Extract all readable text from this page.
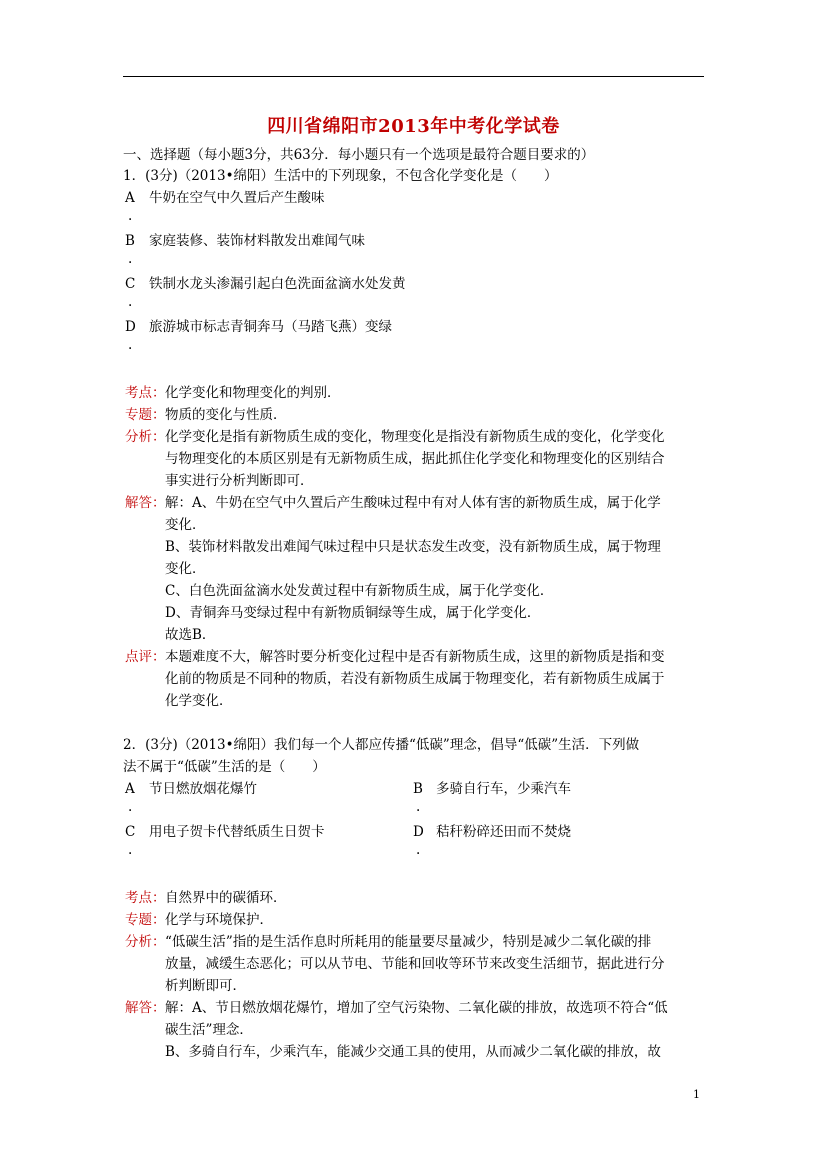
四川省绵阳市2013年中考化学试卷
一、选择题（每小题3分，共63分．每小题只有一个选项是最符合题目要求的）
1．(3分)（2013•绵阳）生活中的下列现象，不包含化学变化是（　　）
A 牛奶在空气中久置后产生酸味
.
B 家庭装修、装饰材料散发出难闻气味
.
C 铁制水龙头渗漏引起白色洗面盆滴水处发黄
.
D 旅游城市标志青铜奔马（马踏飞燕）变绿
.
考点： 化学变化和物理变化的判别．
专题： 物质的变化与性质．
分析： 化学变化是指有新物质生成的变化，物理变化是指没有新物质生成的变化，化学变化
与物理变化的本质区别是有无新物质生成，据此抓住化学变化和物理变化的区别结合
事实进行分析判断即可．
解答： 解：A、牛奶在空气中久置后产生酸味过程中有对人体有害的新物质生成，属于化学
变化．
B、装饰材料散发出难闻气味过程中只是状态发生改变，没有新物质生成，属于物理
变化．
C、白色洗面盆滴水处发黄过程中有新物质生成，属于化学变化．
D、青铜奔马变绿过程中有新物质铜绿等生成，属于化学变化．
故选B．
点评： 本题难度不大，解答时要分析变化过程中是否有新物质生成，这里的新物质是指和变
化前的物质是不同种的物质，若没有新物质生成属于物理变化，若有新物质生成属于
化学变化．
2．(3分)（2013•绵阳）我们每一个人都应传播“低碳”理念，倡导“低碳”生活．下列做
法不属于“低碳”生活的是（　　）
A 节日燃放烟花爆竹
.
B 多骑自行车，少乘汽车
.
C 用电子贺卡代替纸质生日贺卡
.
D 秸秆粉碎还田而不焚烧
.
考点： 自然界中的碳循环．
专题： 化学与环境保护．
分析： “低碳生活”指的是生活作息时所耗用的能量要尽量减少，特别是减少二氧化碳的排
放量，减缓生态恶化；可以从节电、节能和回收等环节来改变生活细节，据此进行分
析判断即可．
解答： 解：A、节日燃放烟花爆竹，增加了空气污染物、二氧化碳的排放，故选项不符合“低
碳生活”理念．
B、多骑自行车，少乘汽车，能减少交通工具的使用，从而减少二氧化碳的排放，故
1
